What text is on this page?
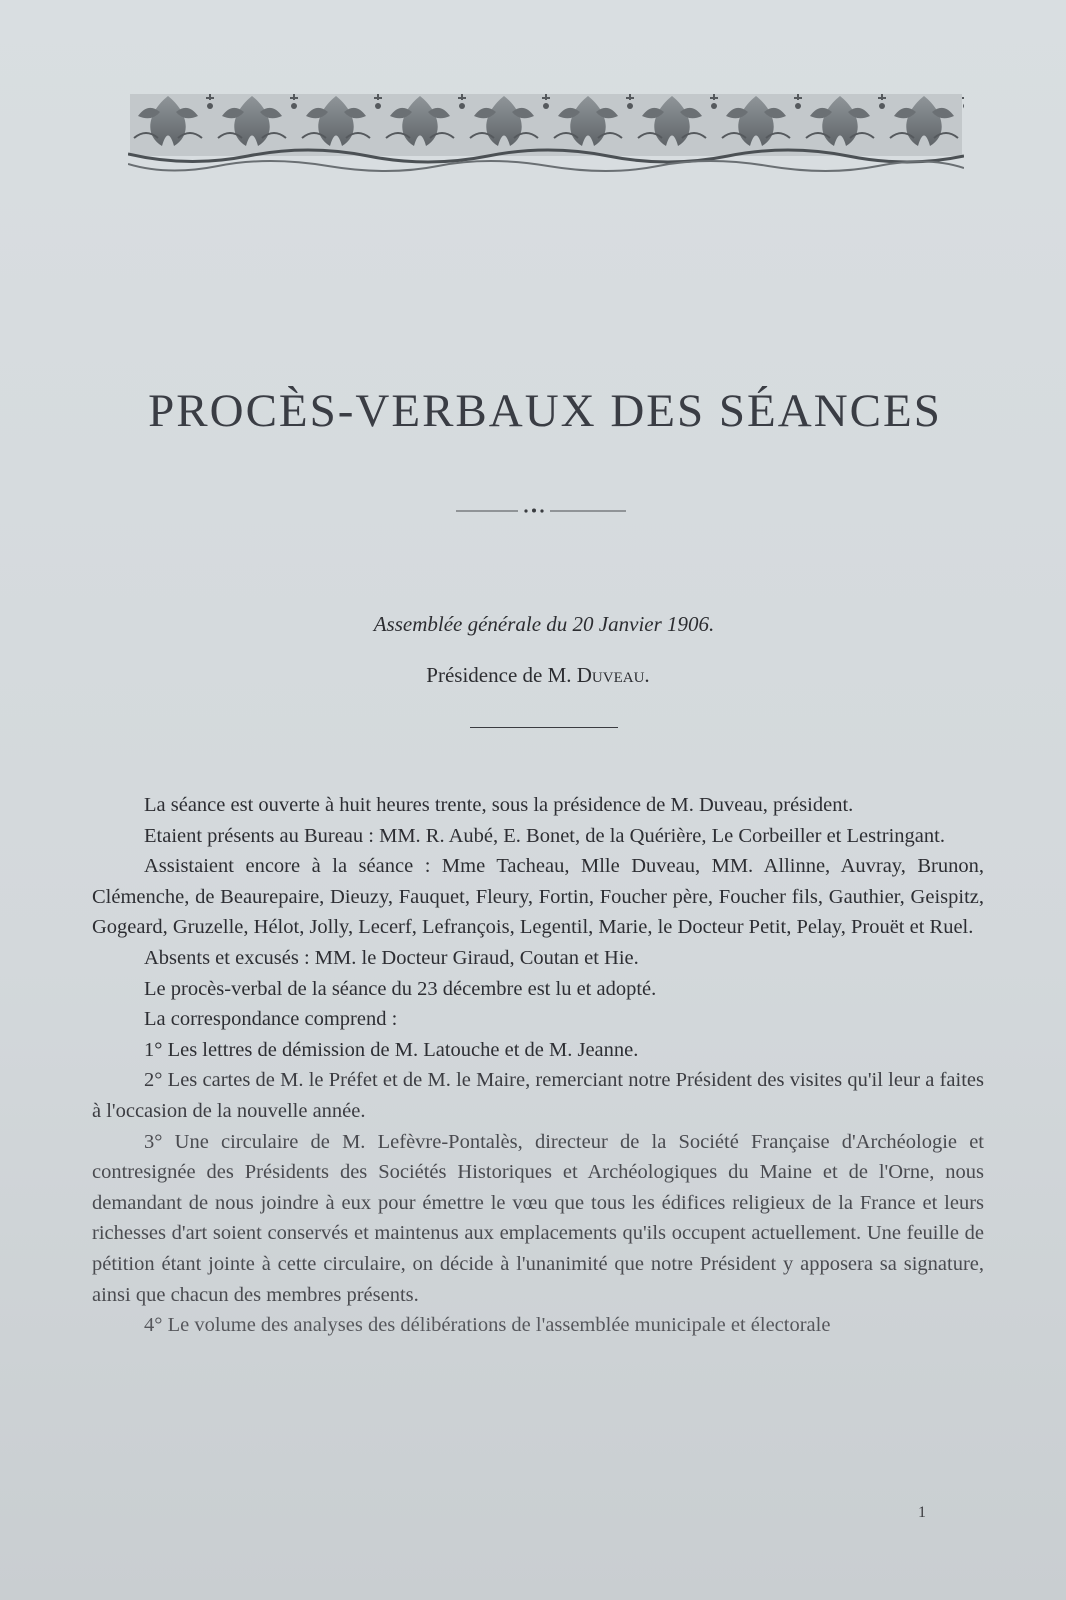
PROCÈS-VERBAUX DES SÉANCES
Assemblée générale du 20 Janvier 1906.
Présidence de M. Duveau.

La séance est ouverte à huit heures trente, sous la présidence de M. Duveau, président.

Etaient présents au Bureau : MM. R. Aubé, E. Bonet, de la Quérière, Le Corbeiller et Lestringant.

Assistaient encore à la séance : Mme Tacheau, Mlle Duveau, MM. Allinne, Auvray, Brunon, Clémenche, de Beaurepaire, Dieuzy, Fauquet, Fleury, Fortin, Foucher père, Foucher fils, Gauthier, Geispitz, Gogeard, Gruzelle, Hélot, Jolly, Lecerf, Lefrançois, Legentil, Marie, le Docteur Petit, Pelay, Prouët et Ruel.

Absents et excusés : MM. le Docteur Giraud, Coutan et Hie.

Le procès-verbal de la séance du 23 décembre est lu et adopté.

La correspondance comprend :

1° Les lettres de démission de M. Latouche et de M. Jeanne.

2° Les cartes de M. le Préfet et de M. le Maire, remerciant notre Président des visites qu'il leur a faites à l'occasion de la nouvelle année.

3° Une circulaire de M. Lefèvre-Pontalès, directeur de la Société Française d'Archéologie et contresignée des Présidents des Sociétés Historiques et Archéologiques du Maine et de l'Orne, nous demandant de nous joindre à eux pour émettre le vœu que tous les édifices religieux de la France et leurs richesses d'art soient conservés et maintenus aux emplacements qu'ils occupent actuellement. Une feuille de pétition étant jointe à cette circulaire, on décide à l'unanimité que notre Président y apposera sa signature, ainsi que chacun des membres présents.

4° Le volume des analyses des délibérations de l'assemblée municipale et électorale

1
